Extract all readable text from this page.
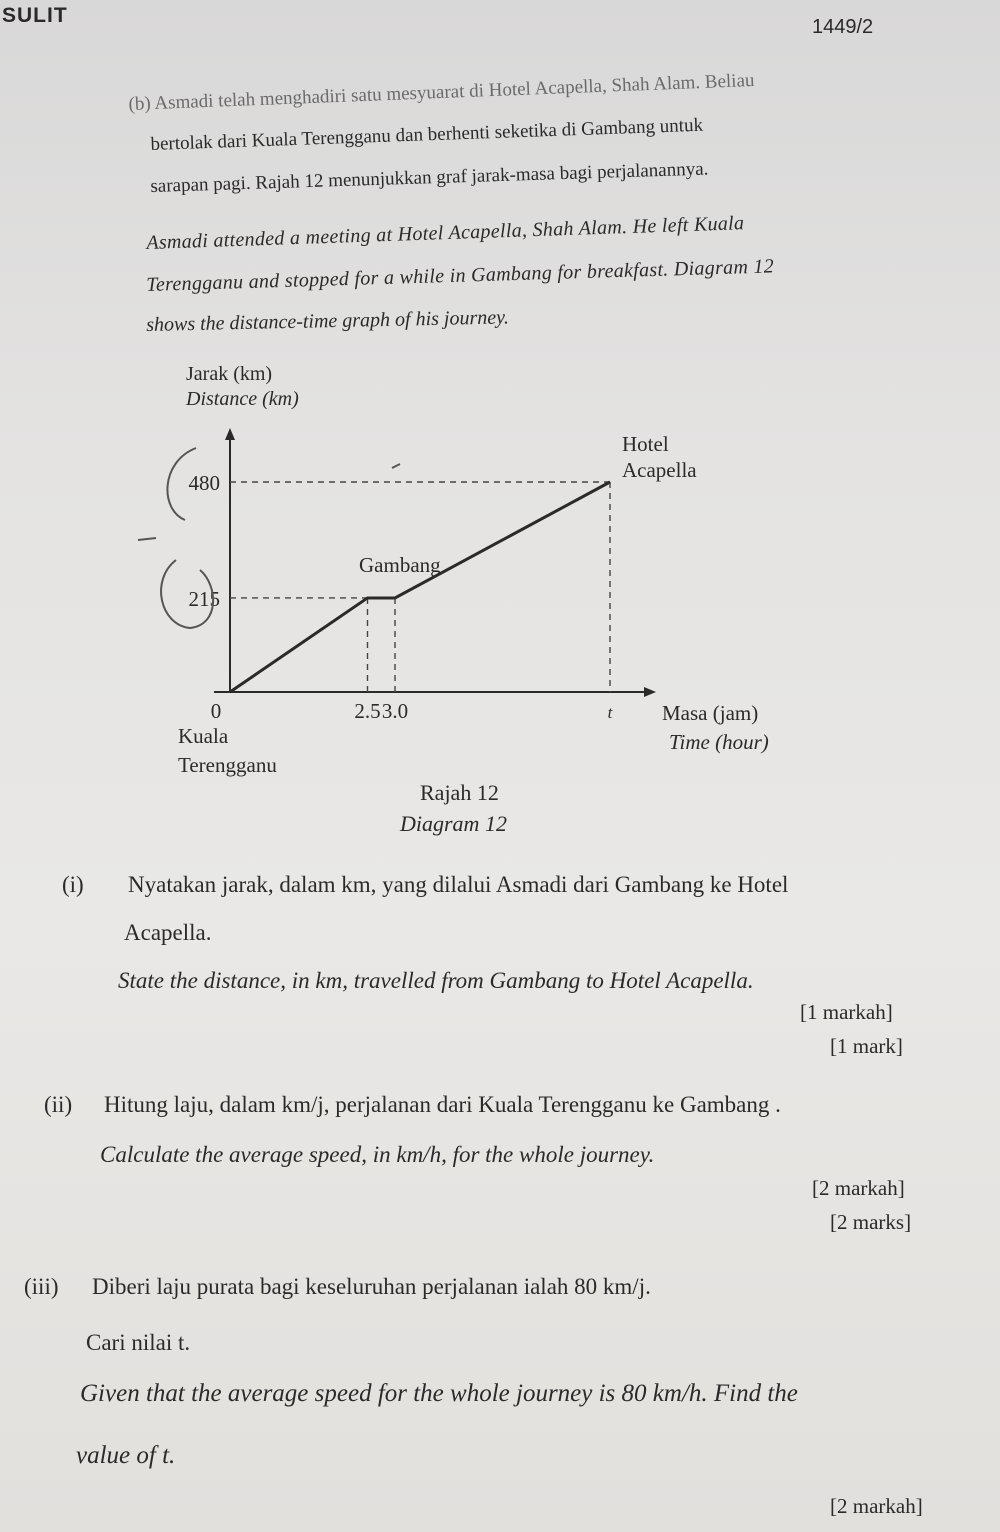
SULIT	1449/2
(b) Asmadi telah menghadiri satu mesyuarat di Hotel Acapella, Shah Alam. Beliau
bertolak dari Kuala Terengganu dan berhenti seketika di Gambang untuk
sarapan pagi. Rajah 12 menunjukkan graf jarak-masa bagi perjalanannya.
Asmadi attended a meeting at Hotel Acapella, Shah Alam. He left Kuala
Terengganu and stopped for a while in Gambang for breakfast. Diagram 12
shows the distance-time graph of his journey.
Jarak (km)
Distance (km)
0	2.5 3.0	t
215
480
Gambang
Hotel
Acapella
Kuala
Terengganu
Masa (jam)
Time (hour)
Rajah 12
Diagram 12
(i) Nyatakan jarak, dalam km, yang dilalui Asmadi dari Gambang ke Hotel
Acapella.
State the distance, in km, travelled from Gambang to Hotel Acapella.
[1 markah]
[1 mark]
(ii) Hitung laju, dalam km/j, perjalanan dari Kuala Terengganu ke Gambang .
Calculate the average speed, in km/h, for the whole journey.
[2 markah]
[2 marks]
(iii) Diberi laju purata bagi keseluruhan perjalanan ialah 80 km/j.
Cari nilai t.
Given that the average speed for the whole journey is 80 km/h. Find the
value of t.
[2 markah]
